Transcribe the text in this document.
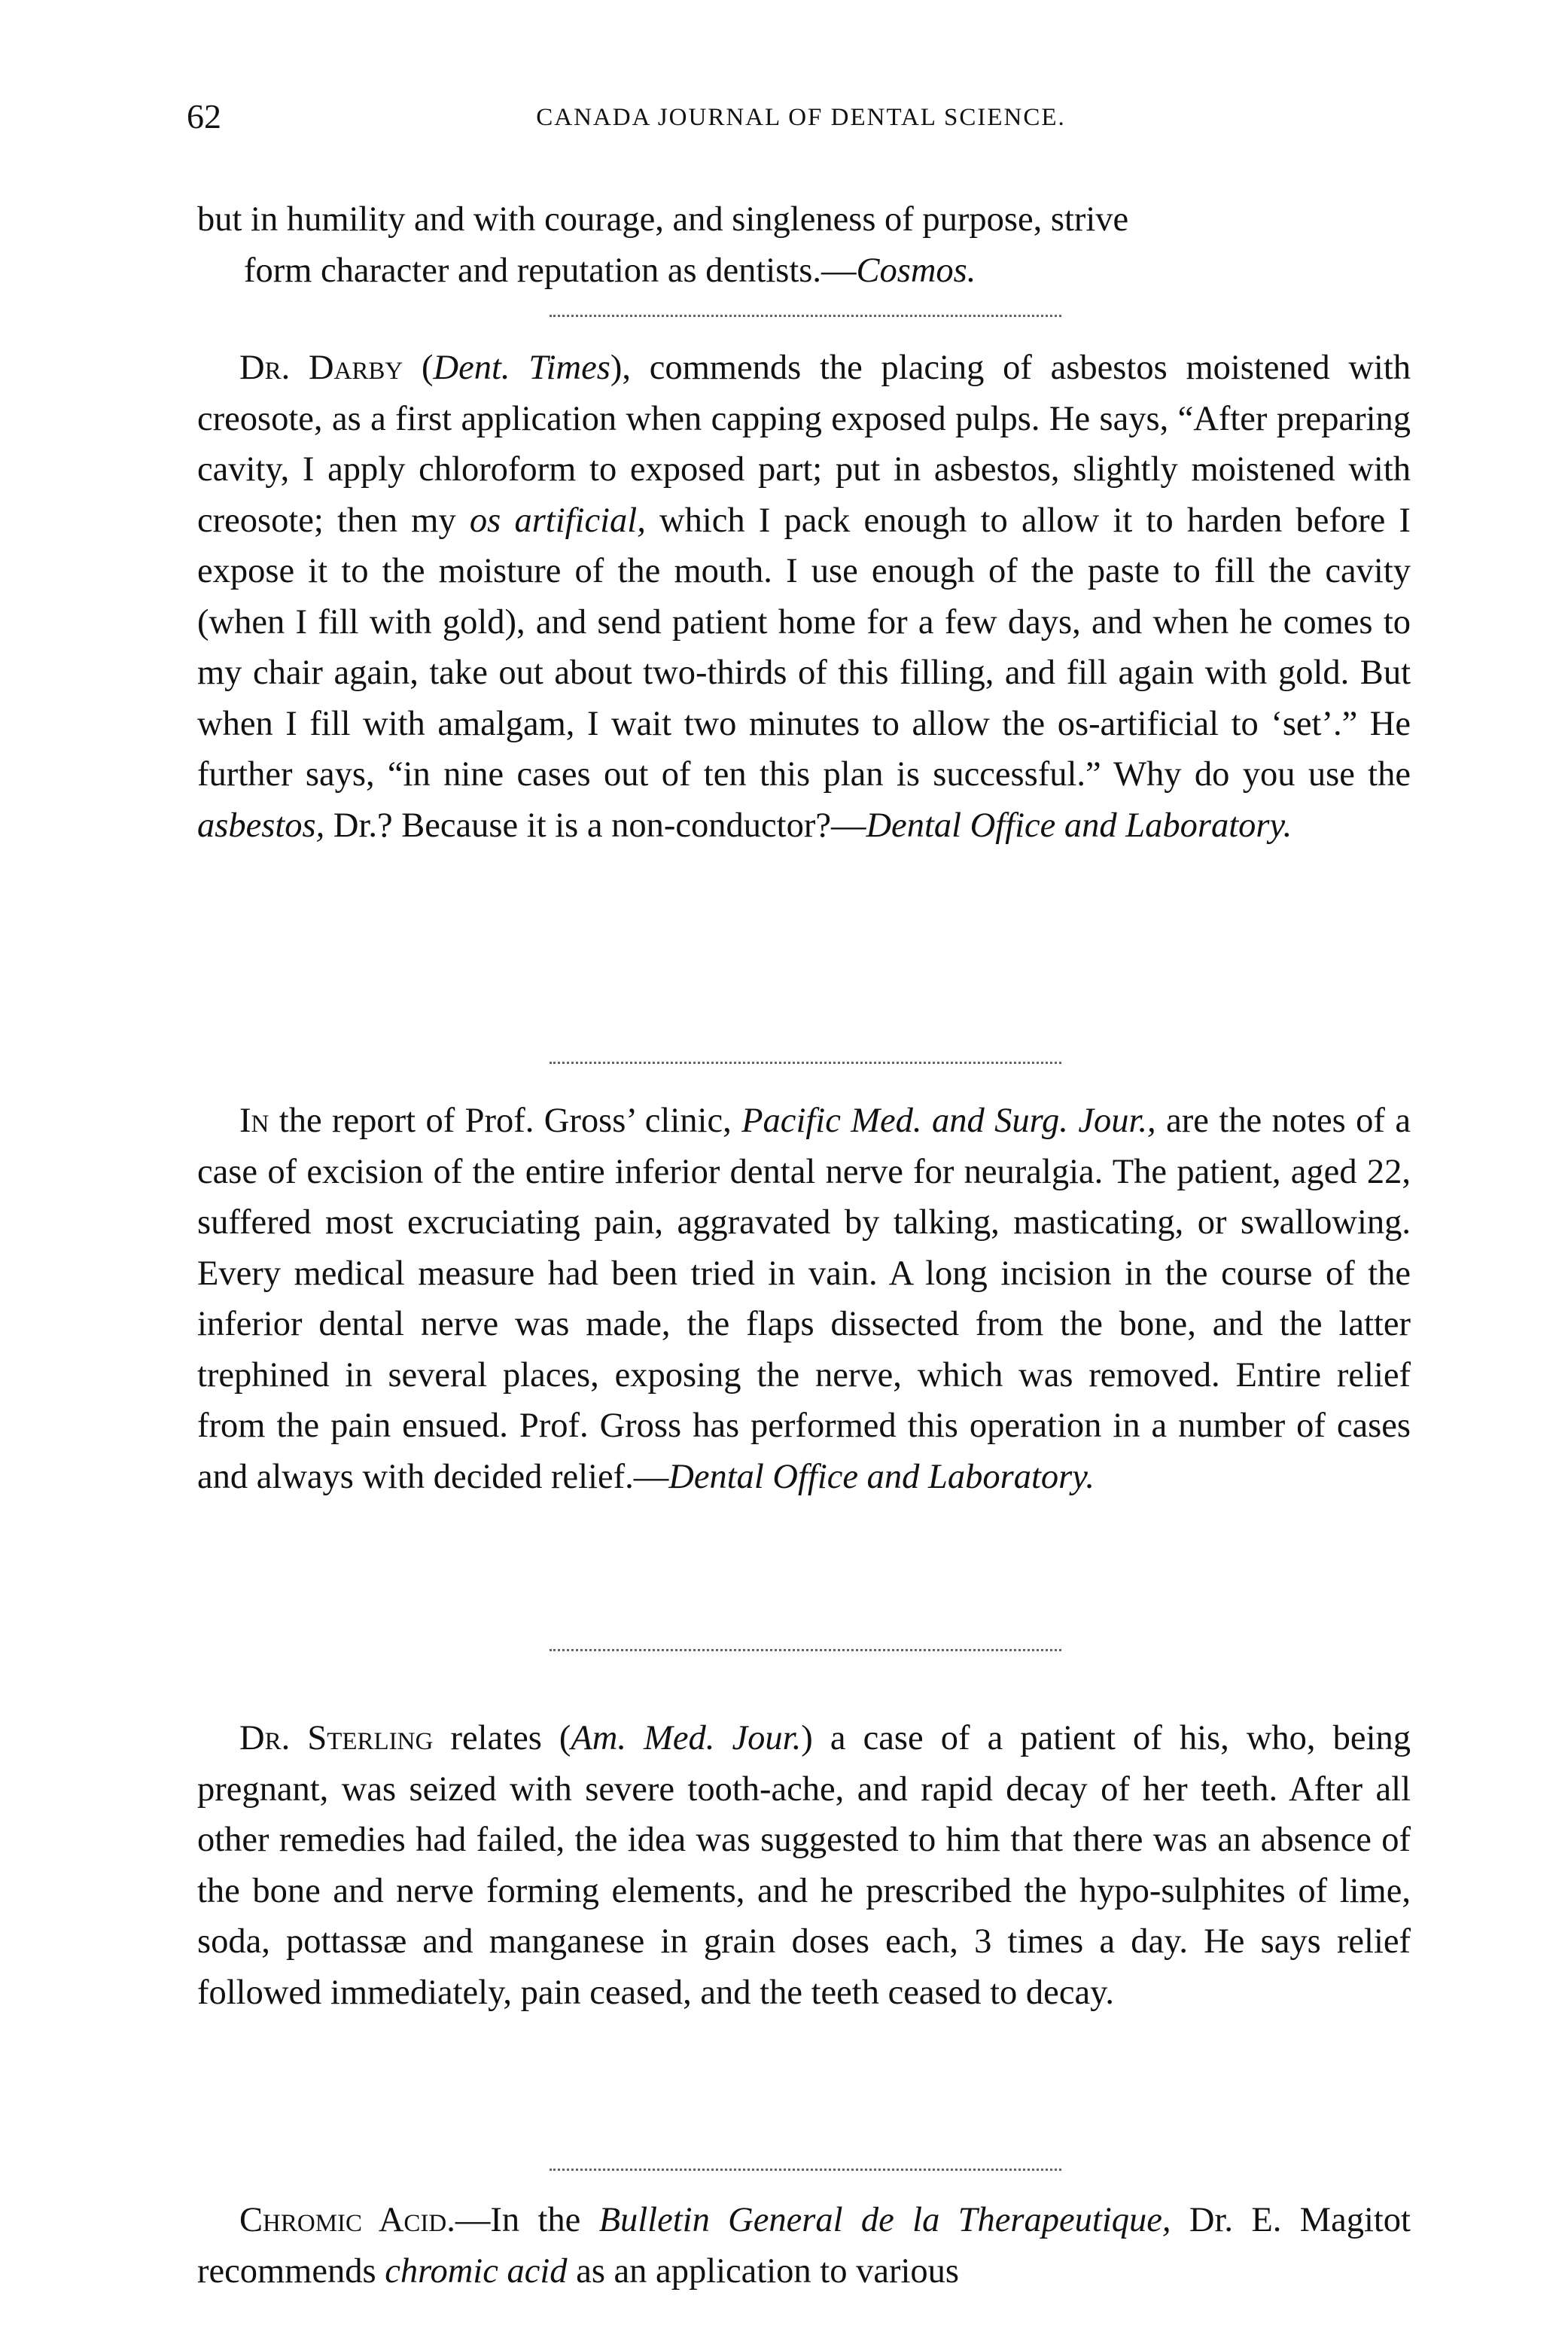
62	CANADA JOURNAL OF DENTAL SCIENCE.

but in humility and with courage, and singleness of purpose, strive

form character and reputation as dentists.—Cosmos.

Dr. Darby (Dent. Times), commends the placing of asbestos moistened with creosote, as a first application when capping exposed pulps. He says, “After preparing cavity, I apply chloroform to exposed part; put in asbestos, slightly moistened with creosote; then my os artificial, which I pack enough to allow it to harden before I expose it to the moisture of the mouth. I use enough of the paste to fill the cavity (when I fill with gold), and send patient home for a few days, and when he comes to my chair again, take out about two-thirds of this filling, and fill again with gold. But when I fill with amalgam, I wait two minutes to allow the os-artificial to ‘set’.” He further says, “in nine cases out of ten this plan is successful.” Why do you use the asbestos, Dr.? Because it is a non-conductor?—Dental Office and Laboratory.

In the report of Prof. Gross’ clinic, Pacific Med. and Surg. Jour., are the notes of a case of excision of the entire inferior dental nerve for neuralgia. The patient, aged 22, suffered most excruciating pain, aggravated by talking, masticating, or swallowing. Every medical measure had been tried in vain. A long incision in the course of the inferior dental nerve was made, the flaps dissected from the bone, and the latter trephined in several places, exposing the nerve, which was removed. Entire relief from the pain ensued. Prof. Gross has performed this operation in a number of cases and always with decided relief.—Dental Office and Laboratory.

Dr. Sterling relates (Am. Med. Jour.) a case of a patient of his, who, being pregnant, was seized with severe tooth-ache, and rapid decay of her teeth. After all other remedies had failed, the idea was suggested to him that there was an absence of the bone and nerve forming elements, and he prescribed the hypo-sulphites of lime, soda, pottassæ and manganese in grain doses each, 3 times a day. He says relief followed immediately, pain ceased, and the teeth ceased to decay.

Chromic Acid.—In the Bulletin General de la Therapeutique, Dr. E. Magitot recommends chromic acid as an application to various
